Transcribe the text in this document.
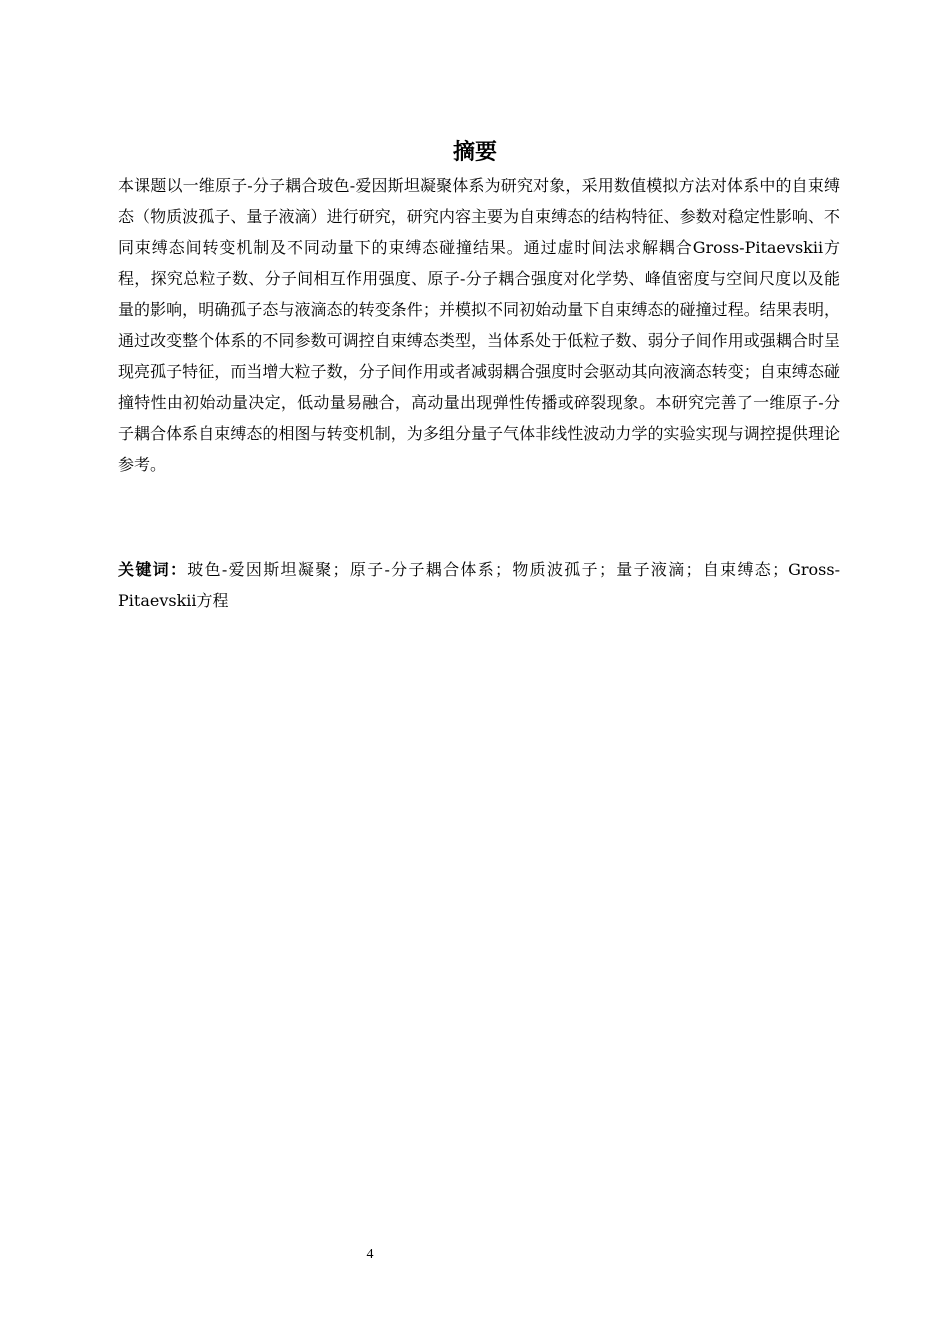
摘要

本课题以一维原子-分子耦合玻色-爱因斯坦凝聚体系为研究对象，采用数值模拟方法对体系中的自束缚态（物质波孤子、量子液滴）进行研究，研究内容主要为自束缚态的结构特征、参数对稳定性影响、不同束缚态间转变机制及不同动量下的束缚态碰撞结果。通过虚时间法求解耦合Gross-Pitaevskii方程，探究总粒子数、分子间相互作用强度、原子-分子耦合强度对化学势、峰值密度与空间尺度以及能量的影响，明确孤子态与液滴态的转变条件；并模拟不同初始动量下自束缚态的碰撞过程。结果表明，通过改变整个体系的不同参数可调控自束缚态类型，当体系处于低粒子数、弱分子间作用或强耦合时呈现亮孤子特征，而当增大粒子数，分子间作用或者减弱耦合强度时会驱动其向液滴态转变；自束缚态碰撞特性由初始动量决定，低动量易融合，高动量出现弹性传播或碎裂现象。本研究完善了一维原子-分子耦合体系自束缚态的相图与转变机制，为多组分量子气体非线性波动力学的实验实现与调控提供理论参考。

关键词：玻色-爱因斯坦凝聚；原子-分子耦合体系；物质波孤子；量子液滴；自束缚态；Gross-Pitaevskii方程

4
